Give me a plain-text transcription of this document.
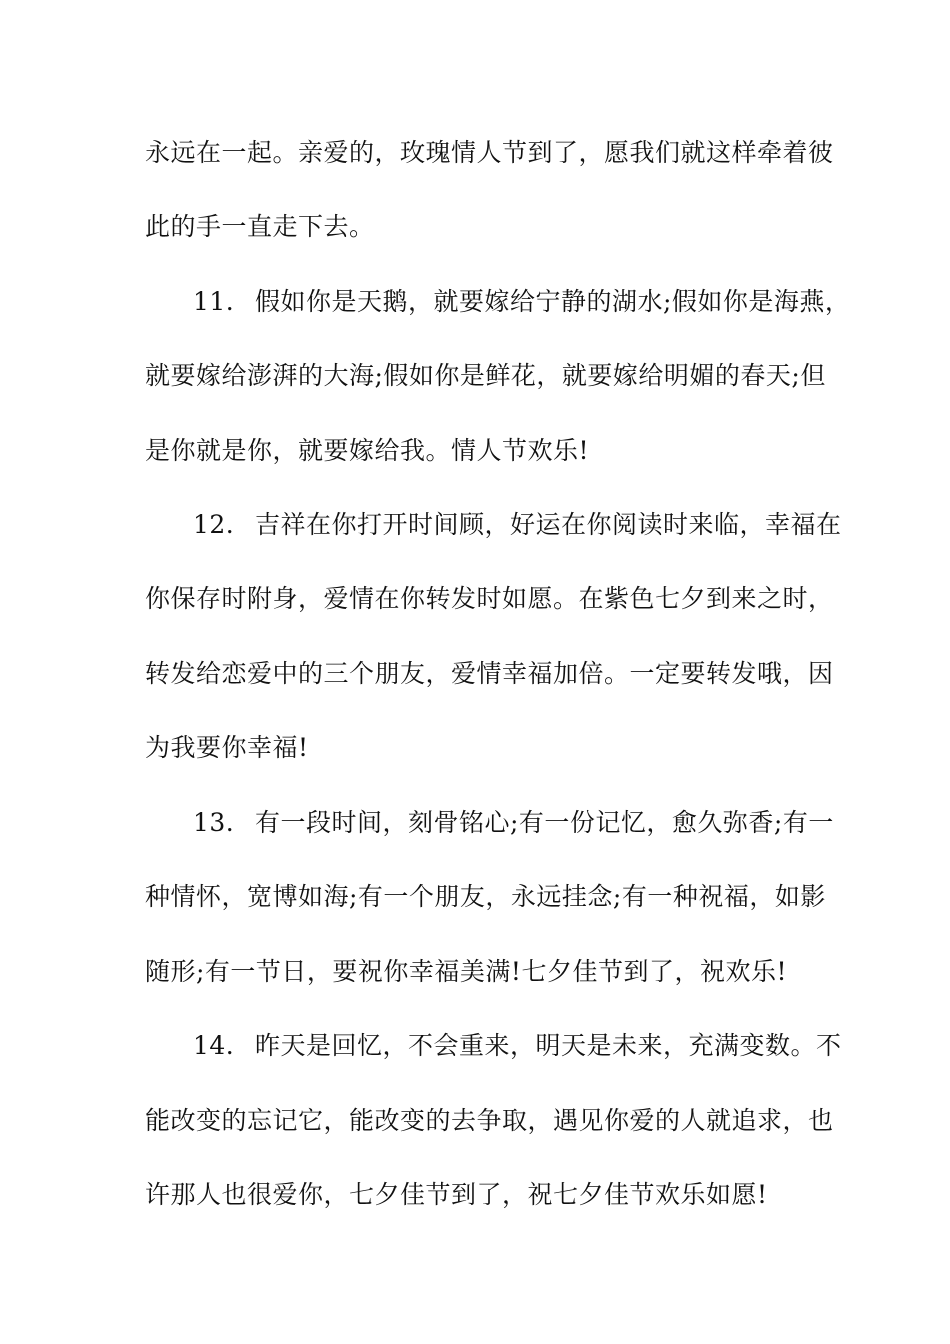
永远在一起。亲爱的，玫瑰情人节到了，愿我们就这样牵着彼
此的手一直走下去。
11. 假如你是天鹅，就要嫁给宁静的湖水;假如你是海燕，
就要嫁给澎湃的大海;假如你是鲜花，就要嫁给明媚的春天;但
是你就是你，就要嫁给我。情人节欢乐!
12. 吉祥在你打开时间顾，好运在你阅读时来临，幸福在
你保存时附身，爱情在你转发时如愿。在紫色七夕到来之时，
转发给恋爱中的三个朋友，爱情幸福加倍。一定要转发哦，因
为我要你幸福!
13. 有一段时间，刻骨铭心;有一份记忆，愈久弥香;有一
种情怀，宽博如海;有一个朋友，永远挂念;有一种祝福，如影
随形;有一节日，要祝你幸福美满!七夕佳节到了，祝欢乐!
14. 昨天是回忆，不会重来，明天是未来，充满变数。不
能改变的忘记它，能改变的去争取，遇见你爱的人就追求，也
许那人也很爱你，七夕佳节到了，祝七夕佳节欢乐如愿!
